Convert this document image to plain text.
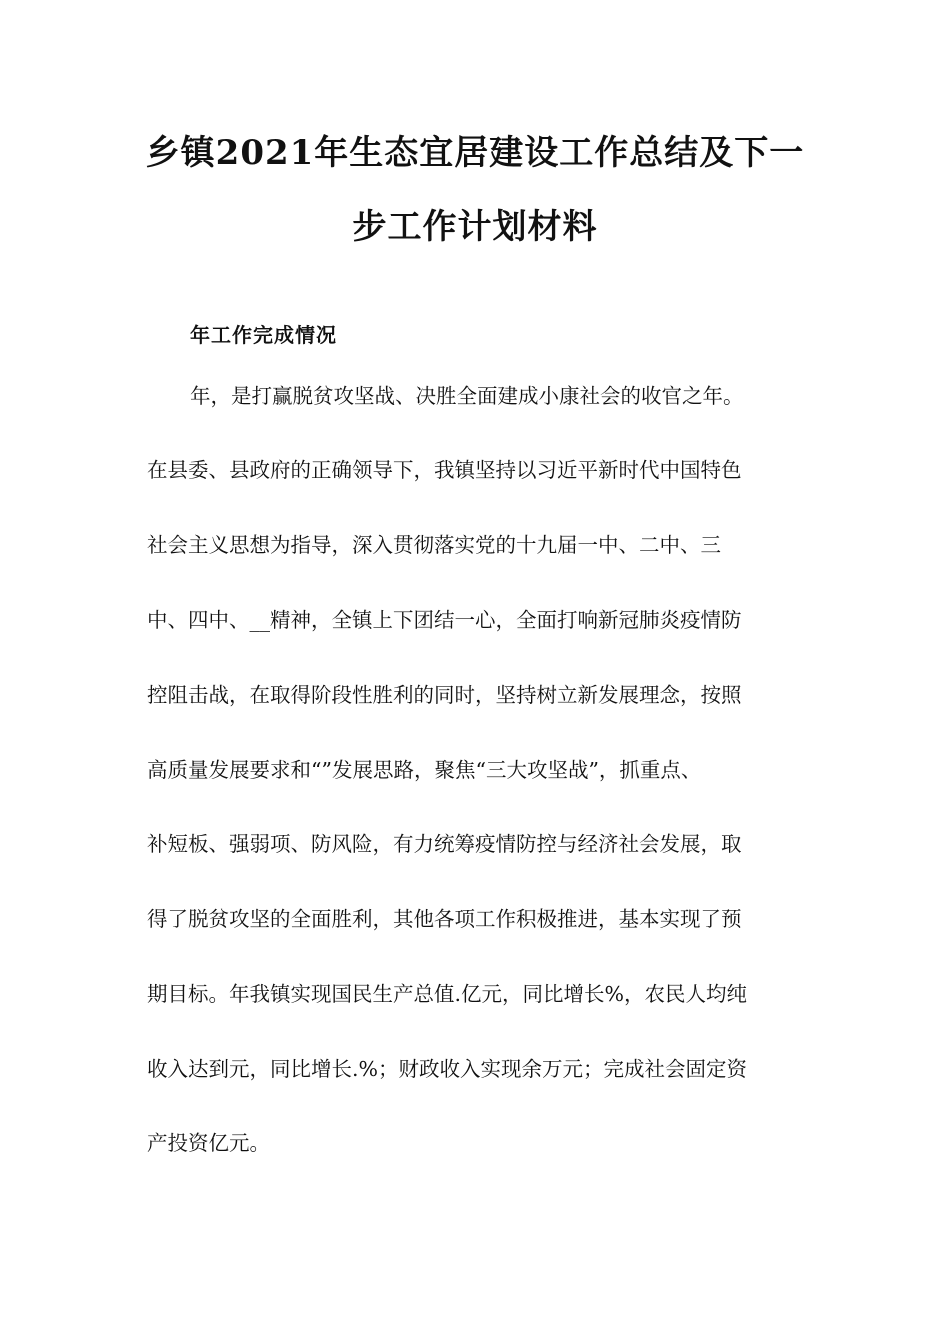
乡镇2021年生态宜居建设工作总结及下一
步工作计划材料
年工作完成情况
年，是打赢脱贫攻坚战、决胜全面建成小康社会的收官之年。
在县委、县政府的正确领导下，我镇坚持以习近平新时代中国特色
社会主义思想为指导，深入贯彻落实党的十九届一中、二中、三
中、四中、__精神，全镇上下团结一心，全面打响新冠肺炎疫情防
控阻击战，在取得阶段性胜利的同时，坚持树立新发展理念，按照
高质量发展要求和“”发展思路，聚焦“三大攻坚战”，抓重点、
补短板、强弱项、防风险，有力统筹疫情防控与经济社会发展，取
得了脱贫攻坚的全面胜利，其他各项工作积极推进，基本实现了预
期目标。年我镇实现国民生产总值.亿元，同比增长%，农民人均纯
收入达到元，同比增长.%；财政收入实现余万元；完成社会固定资
产投资亿元。
